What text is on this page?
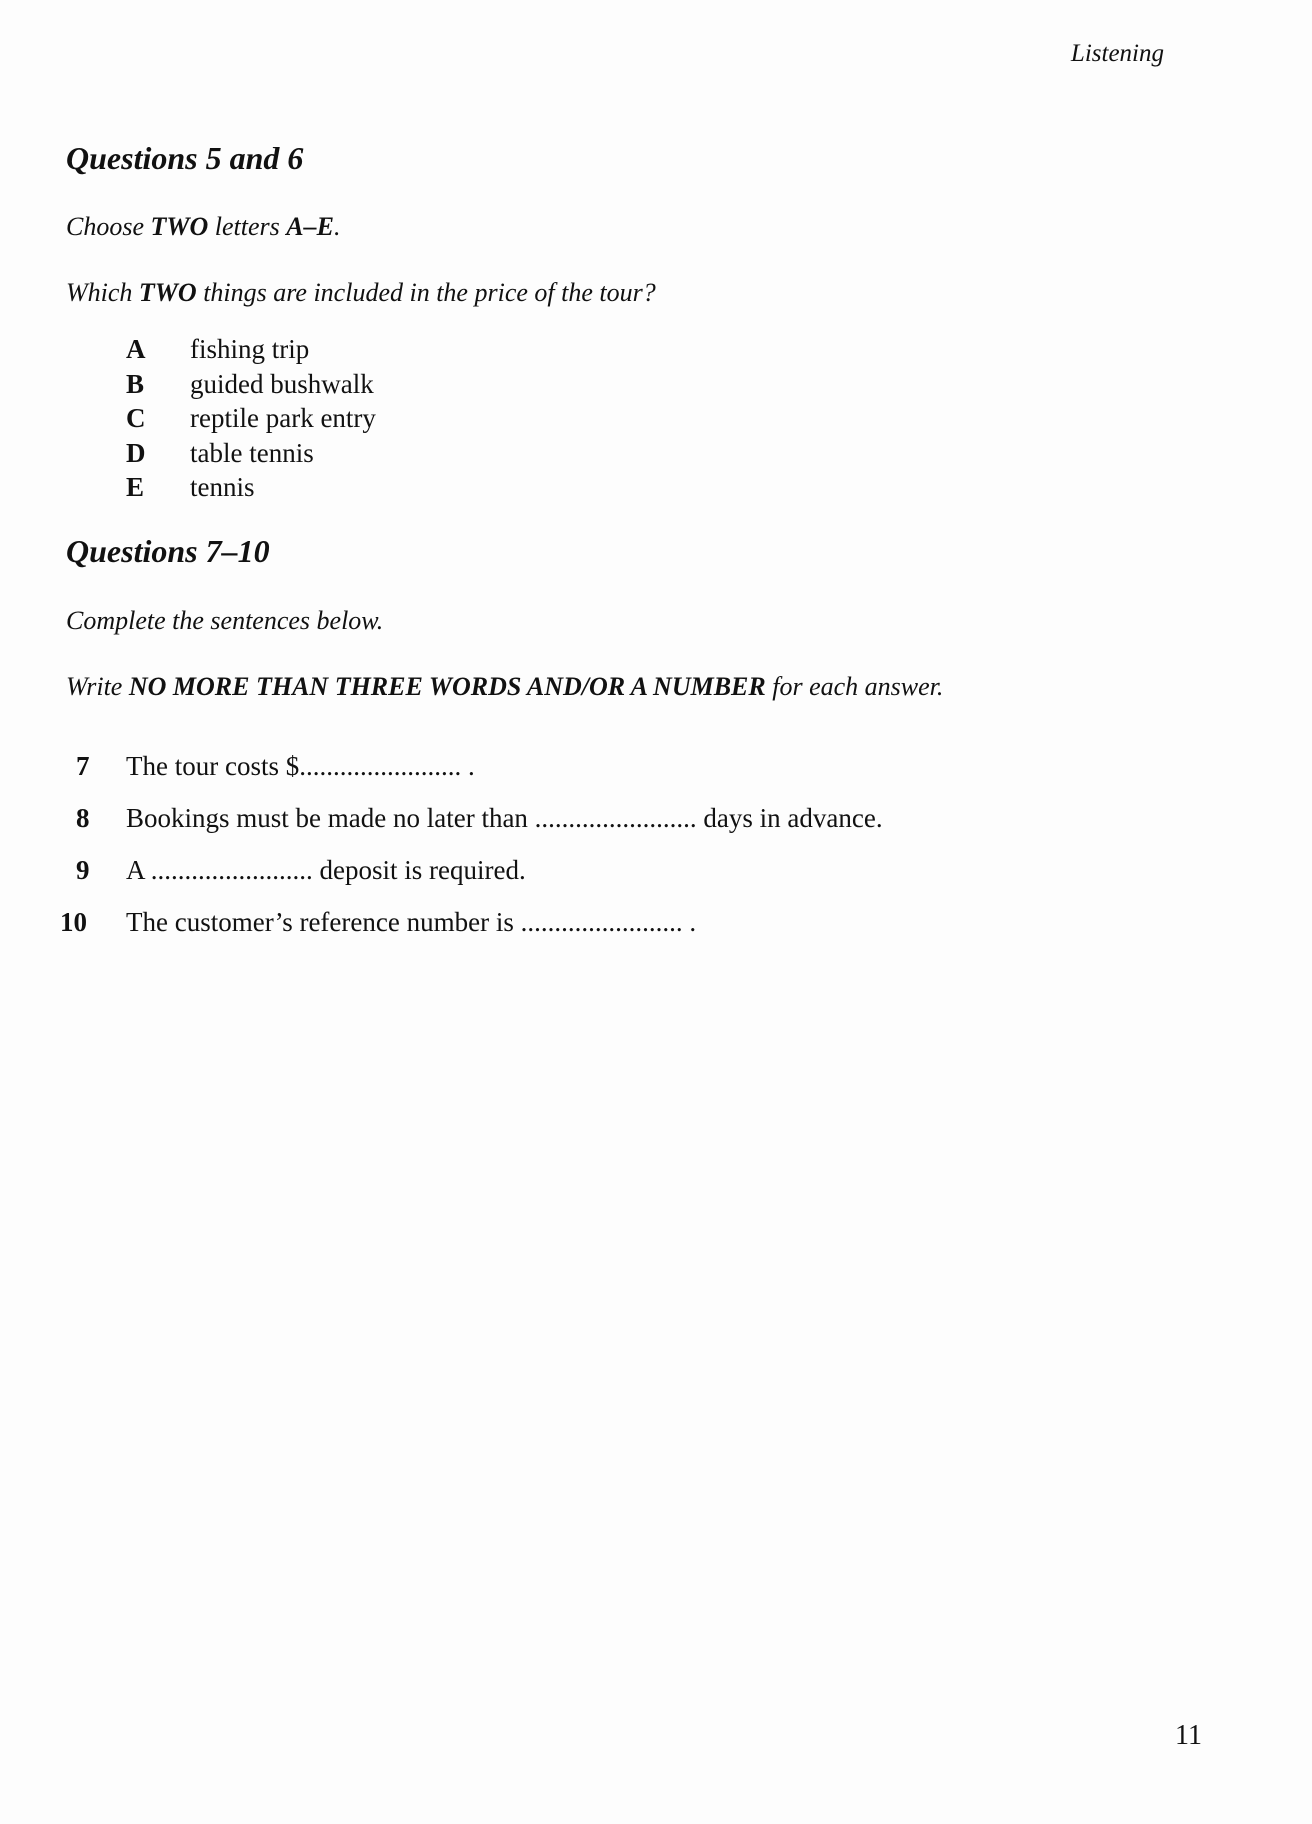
Listening
Questions 5 and 6

Choose TWO letters A–E.

Which TWO things are included in the price of the tour?

A	fishing trip
B	guided bushwalk
C	reptile park entry
D	table tennis
E	tennis
Questions 7–10

Complete the sentences below.

Write NO MORE THAN THREE WORDS AND/OR A NUMBER for each answer.

7	The tour costs $........................ .
8	Bookings must be made no later than ........................ days in advance.
9	A ........................ deposit is required.
10	The customer’s reference number is ........................ .
11
